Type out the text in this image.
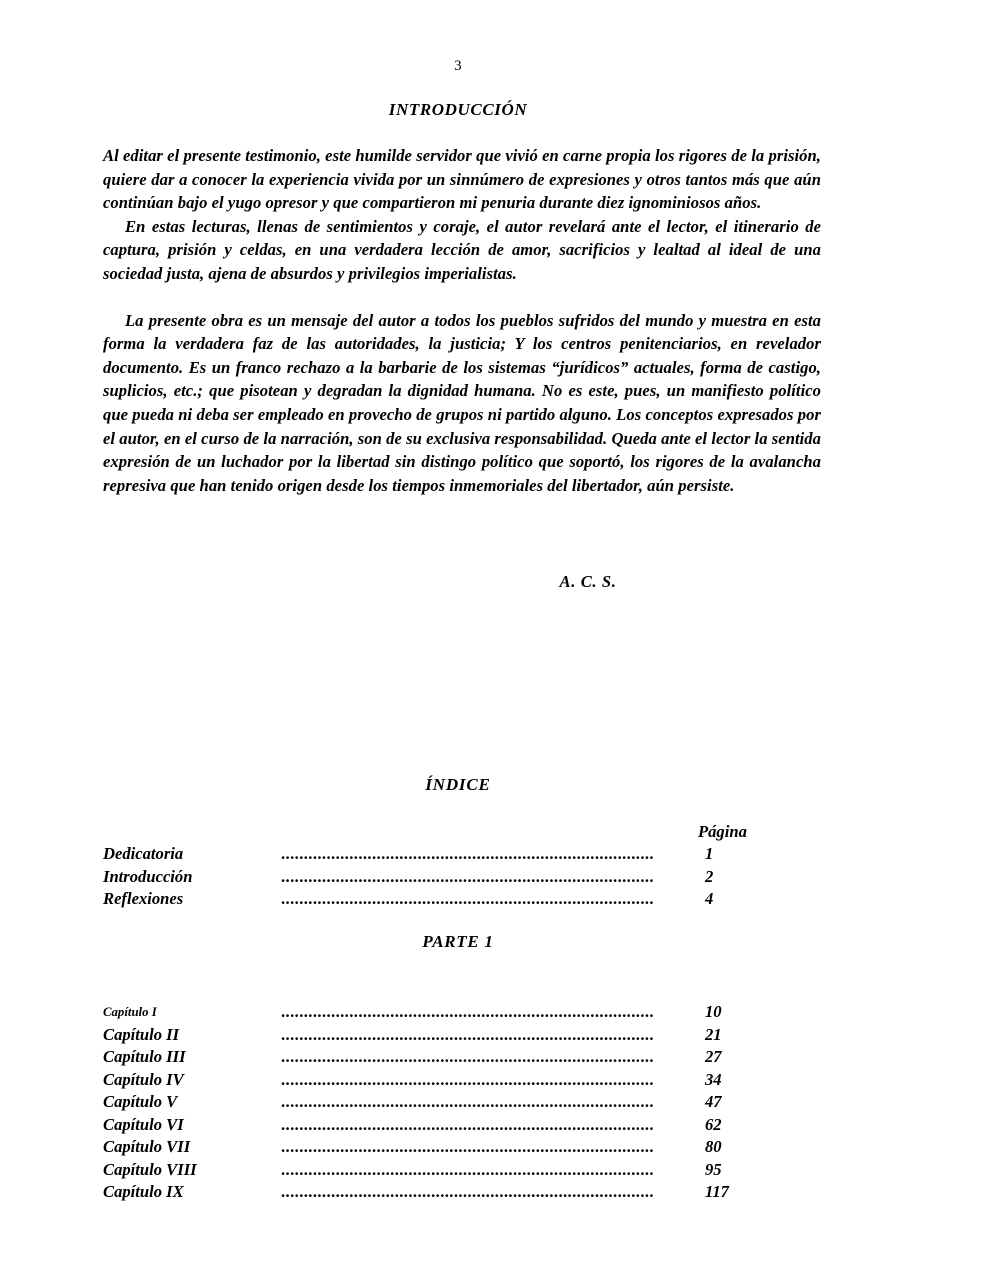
3
INTRODUCCIÓN

Al editar el presente testimonio, este humilde servidor que vivió en carne propia los rigores de la prisión, quiere dar a conocer la experiencia vivida por un sinnúmero de expresiones y otros tantos más que aún continúan bajo el yugo opresor y que compartieron mi penuria durante diez ignominiosos años.

En estas lecturas, llenas de sentimientos y coraje, el autor revelará ante el lector, el itinerario de captura, prisión y celdas, en una verdadera lección de amor, sacrificios y lealtad al ideal de una sociedad justa, ajena de absurdos y privilegios imperialistas.

La presente obra es un mensaje del autor a todos los pueblos sufridos del mundo y muestra en esta forma la verdadera faz de las autoridades, la justicia; Y los centros penitenciarios, en revelador documento. Es un franco rechazo a la barbarie de los sistemas “jurídicos” actuales, forma de castigo, suplicios, etc.; que pisotean y degradan la dignidad humana. No es este, pues, un manifiesto político que pueda ni deba ser empleado en provecho de grupos ni partido alguno. Los conceptos expresados por el autor, en el curso de la narración, son de su exclusiva responsabilidad. Queda ante el lector la sentida expresión de un luchador por la libertad sin distingo político que soportó, los rigores de la avalancha represiva que han tenido origen desde los tiempos inmemoriales del libertador, aún persiste.

A. C. S.
ÍNDICE
Página
Dedicatoria	..................................................................................	1
Introducción	..................................................................................	2
Reflexiones	..................................................................................	4
PARTE 1
Capítulo I	..................................................................................	10
Capítulo II	..................................................................................	21
Capítulo III	..................................................................................	27
Capítulo IV	..................................................................................	34
Capítulo V	..................................................................................	47
Capítulo VI	..................................................................................	62
Capítulo VII	..................................................................................	80
Capítulo VIII	..................................................................................	95
Capítulo IX	..................................................................................	117
